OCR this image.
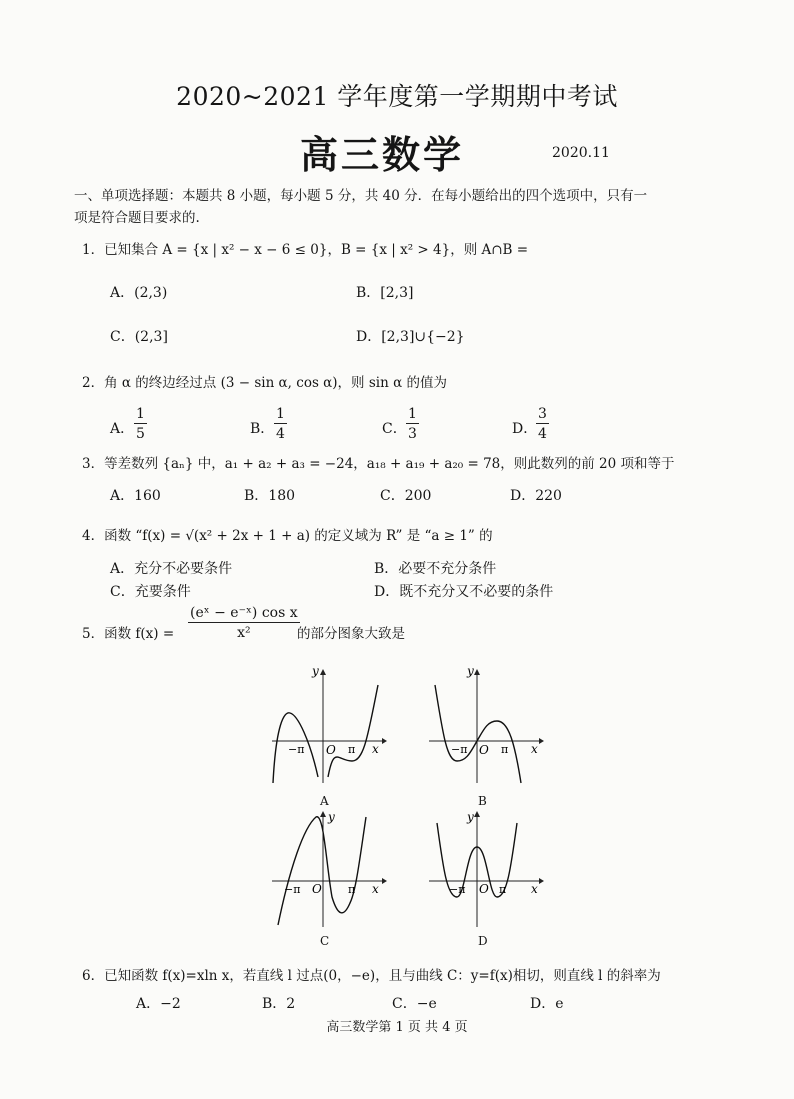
2020~2021 学年度第一学期期中考试
高三数学	2020.11
一、单项选择题：本题共 8 小题，每小题 5 分，共 40 分．在每小题给出的四个选项中，只有一
项是符合题目要求的.
1．已知集合 A = {x | x² − x − 6 ≤ 0}，B = {x | x² > 4}，则 A∩B =
A．(2,3)	B．[2,3]
C．(2,3]	D．[2,3]∪{−2}
2．角 α 的终边经过点 (3 − sin α, cos α)，则 sin α 的值为
A． $\frac{1}{5}$	B． $\frac{1}{4}$	C． $\frac{1}{3}$	D．
$\frac{3}{4}$
3．等差数列 {aₙ} 中，a₁ + a₂ + a₃ = −24，a₁₈ + a₁₉ + a₂₀ = 78，则此数列的前 20 项和等于
A．160	B．180	C．200	D．220
4．函数 “f(x) = √(x² + 2x + 1 + a) 的定义域为 R” 是 “a ≥ 1” 的
A．充分不必要条件	B．必要不充分条件
C．充要条件	D．既不充分又不必要的条件
5．函数 $f(x) = \frac{\text{(eˣ − e⁻ˣ) cos x}}{\text{x²}}$
的部分图象大致是
y
x
−π O π
A
y
x
−π O π
B
y
x
−π O π
C
y
x
−π O π
D
6．已知函数 f(x)=xln x，若直线 l 过点(0，−e)，且与曲线 C：y=f(x)相切，则直线 l 的斜率为
A．−2	B．2	C．−e	D．e
高三数学第 1 页 共 4 页
